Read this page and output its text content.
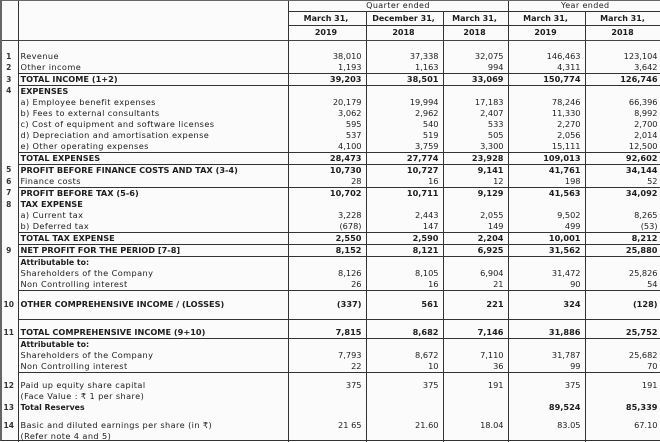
		Quarter ended			Year ended	
		March 31,	December 31,	March 31,	March 31,	March 31,
		2019	2018	2018	2019	2018

1	Revenue	38,010	37,338	32,075	146,463	123,104
2	Other income	1,193	1,163	994	4,311	3,642
3	TOTAL INCOME (1+2)	39,203	38,501	33,069	150,774	126,746
4	EXPENSES					
	a) Employee benefit expenses	20,179	19,994	17,183	78,246	66,396
	b) Fees to external consultants	3,062	2,962	2,407	11,330	8,992
	c) Cost of equipment and software licenses	595	540	533	2,270	2,700
	d) Depreciation and amortisation expense	537	519	505	2,056	2,014
	e) Other operating expenses	4,100	3,759	3,300	15,111	12,500
	TOTAL EXPENSES	28,473	27,774	23,928	109,013	92,602
5	PROFIT BEFORE FINANCE COSTS AND TAX (3-4)	10,730	10,727	9,141	41,761	34,144
6	Finance costs	28	16	12	198	52
7	PROFIT BEFORE TAX (5-6)	10,702	10,711	9,129	41,563	34,092
8	TAX EXPENSE					
	a) Current tax	3,228	2,443	2,055	9,502	8,265
	b) Deferred tax	(678)	147	149	499	(53)
	TOTAL TAX EXPENSE	2,550	2,590	2,204	10,001	8,212
9	NET PROFIT FOR THE PERIOD [7-8]	8,152	8,121	6,925	31,562	25,880
	Attributable to:					
	Shareholders of the Company	8,126	8,105	6,904	31,472	25,826
	Non Controlling interest	26	16	21	90	54

10	OTHER COMPREHENSIVE INCOME / (LOSSES)	(337)	561	221	324	(128)

11	TOTAL COMPREHENSIVE INCOME (9+10)	7,815	8,682	7,146	31,886	25,752
	Attributable to:					
	Shareholders of the Company	7,793	8,672	7,110	31,787	25,682
	Non Controlling interest	22	10	36	99	70

12	Paid up equity share capital	375	375	191	375	191
	(Face Value : ₹ 1 per share)					
13	Total Reserves				89,524	85,339

14	Basic and diluted earnings per share (in ₹)	21 65	21.60	18.04	83.05	67.10
	(Refer note 4 and 5)					
